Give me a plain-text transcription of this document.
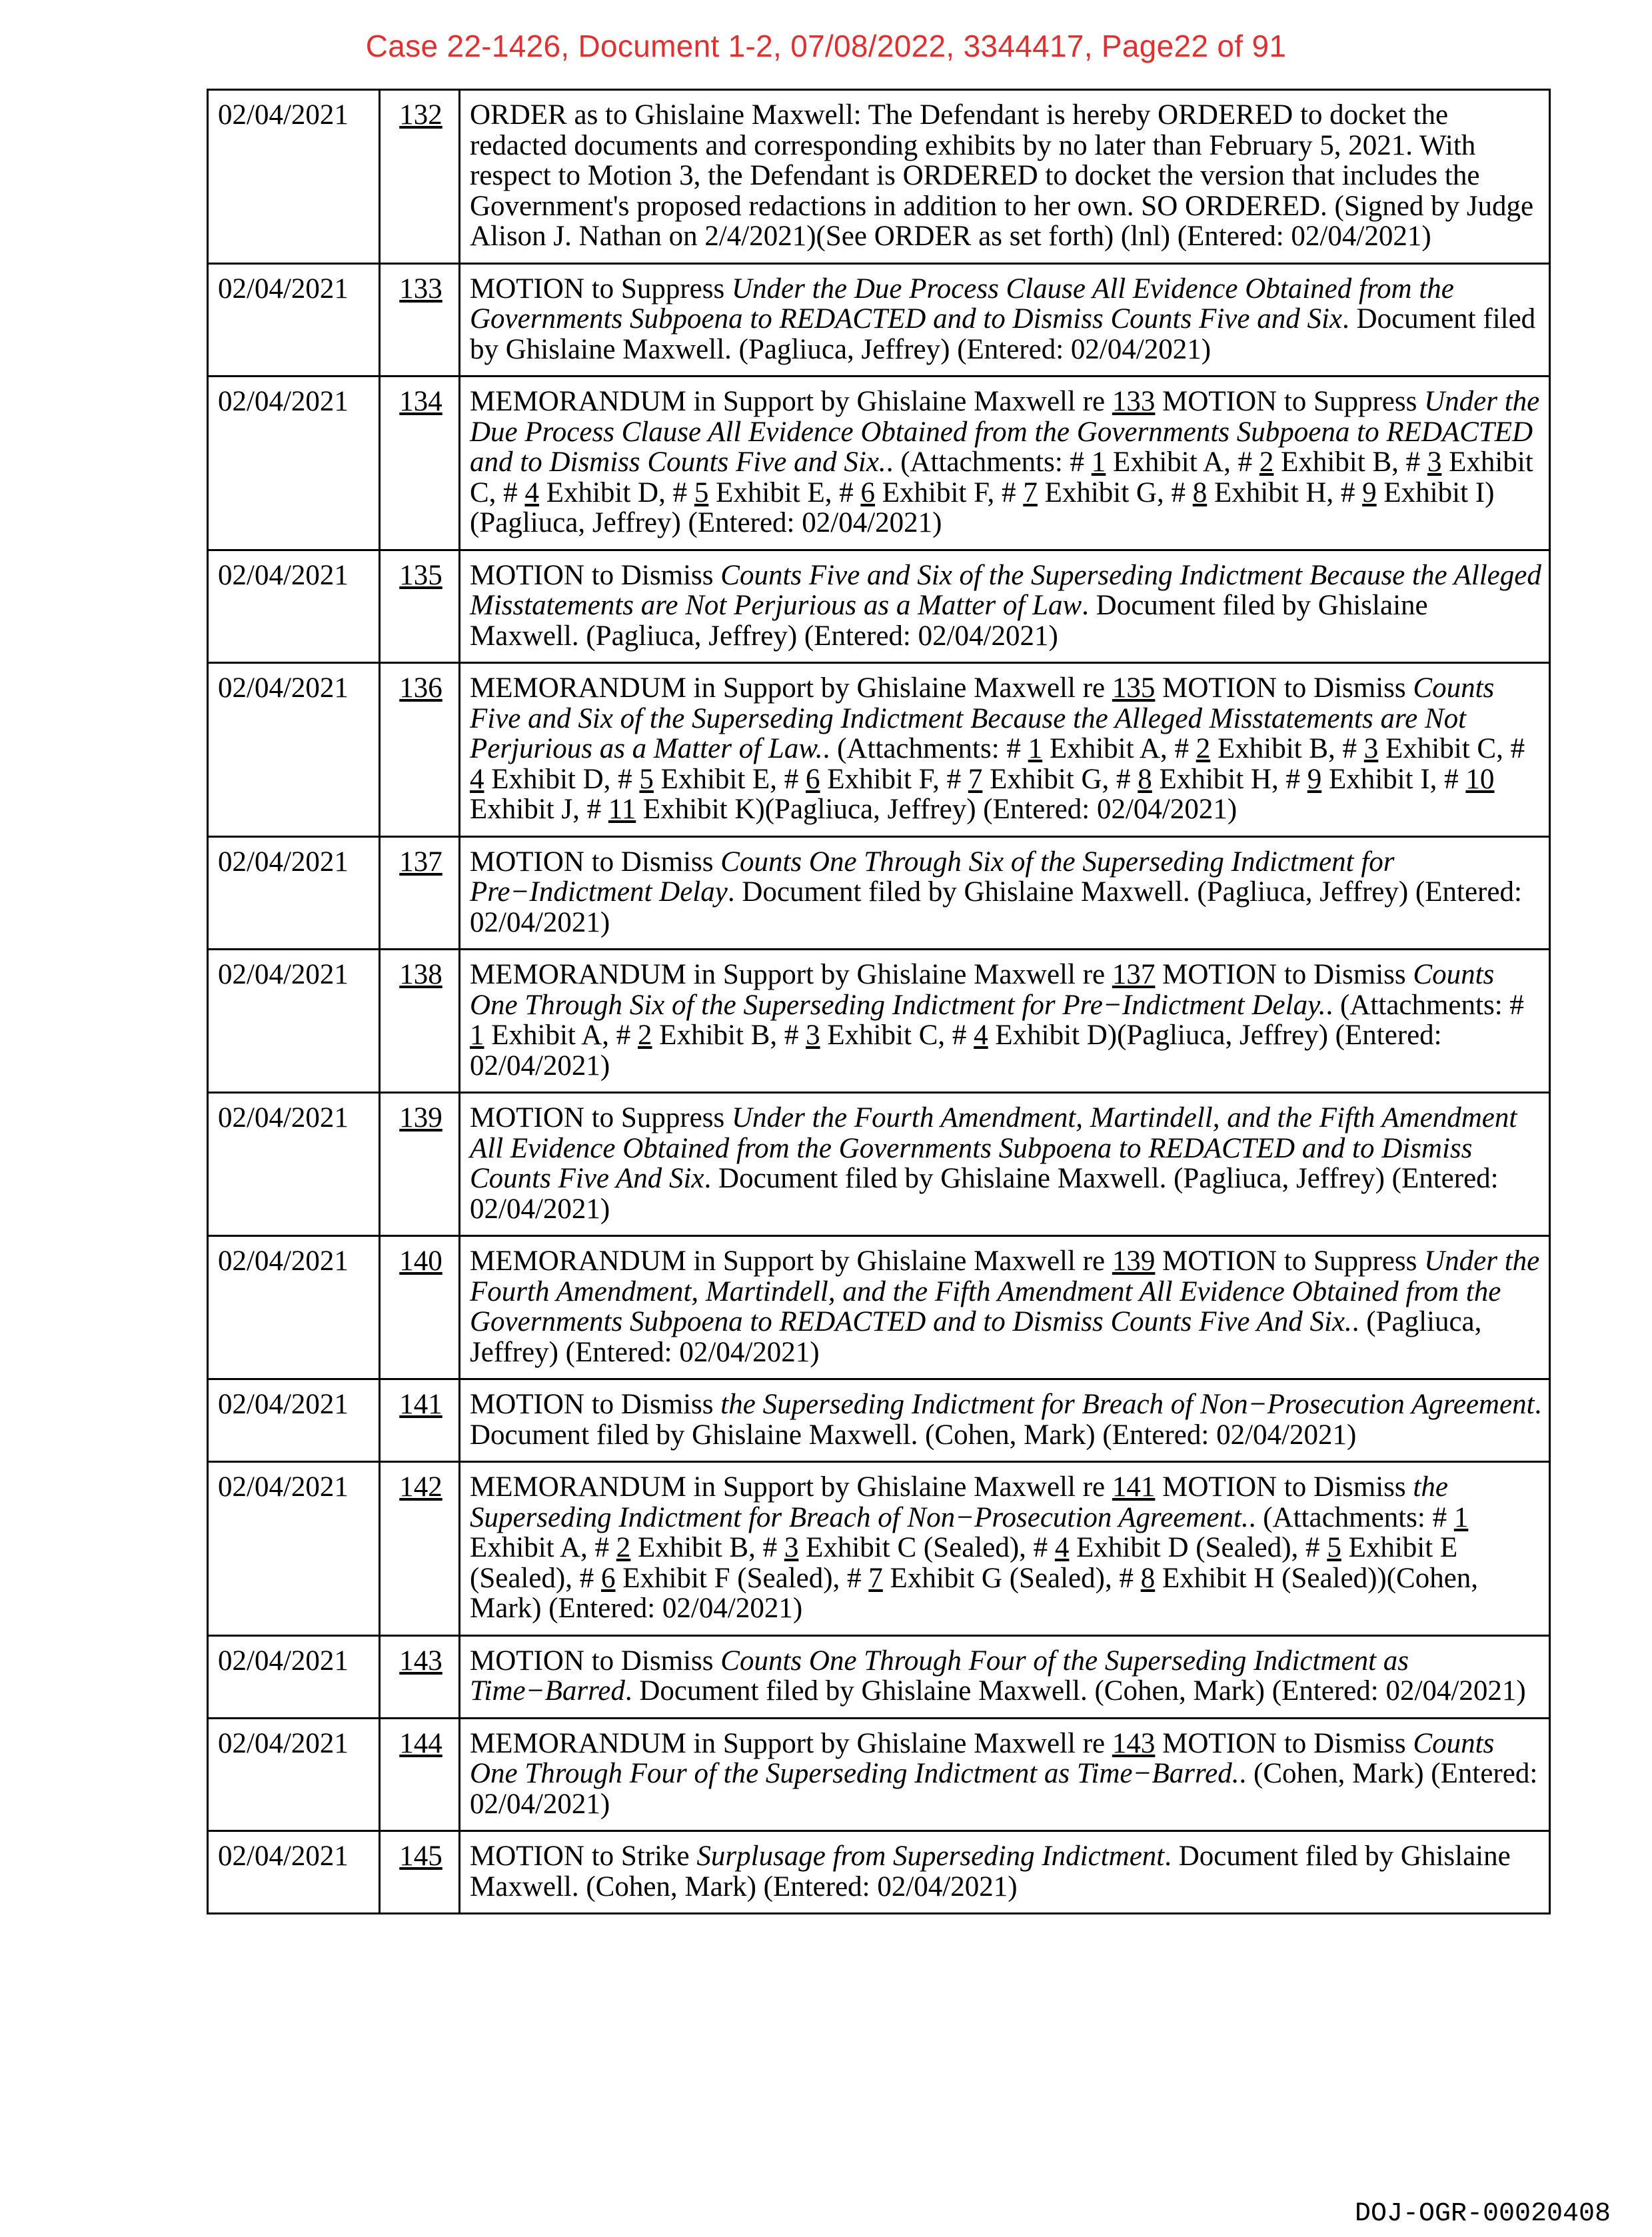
Case 22-1426, Document 1-2, 07/08/2022, 3344417, Page22 of 91
02/04/2021	132	ORDER as to Ghislaine Maxwell: The Defendant is hereby ORDERED to docket the redacted documents and corresponding exhibits by no later than February 5, 2021. With respect to Motion 3, the Defendant is ORDERED to docket the version that includes the Government's proposed redactions in addition to her own. SO ORDERED. (Signed by Judge Alison J. Nathan on 2/4/2021)(See ORDER as set forth) (lnl) (Entered: 02/04/2021)
02/04/2021	133	MOTION to Suppress Under the Due Process Clause All Evidence Obtained from the Governments Subpoena to REDACTED and to Dismiss Counts Five and Six. Document filed by Ghislaine Maxwell. (Pagliuca, Jeffrey) (Entered: 02/04/2021)
02/04/2021	134	MEMORANDUM in Support by Ghislaine Maxwell re 133 MOTION to Suppress Under the Due Process Clause All Evidence Obtained from the Governments Subpoena to REDACTED and to Dismiss Counts Five and Six.. (Attachments: # 1 Exhibit A, # 2 Exhibit B, # 3 Exhibit C, # 4 Exhibit D, # 5 Exhibit E, # 6 Exhibit F, # 7 Exhibit G, # 8 Exhibit H, # 9 Exhibit I)(Pagliuca, Jeffrey) (Entered: 02/04/2021)
02/04/2021	135	MOTION to Dismiss Counts Five and Six of the Superseding Indictment Because the Alleged Misstatements are Not Perjurious as a Matter of Law. Document filed by Ghislaine Maxwell. (Pagliuca, Jeffrey) (Entered: 02/04/2021)
02/04/2021	136	MEMORANDUM in Support by Ghislaine Maxwell re 135 MOTION to Dismiss Counts Five and Six of the Superseding Indictment Because the Alleged Misstatements are Not Perjurious as a Matter of Law.. (Attachments: # 1 Exhibit A, # 2 Exhibit B, # 3 Exhibit C, # 4 Exhibit D, # 5 Exhibit E, # 6 Exhibit F, # 7 Exhibit G, # 8 Exhibit H, # 9 Exhibit I, # 10 Exhibit J, # 11 Exhibit K)(Pagliuca, Jeffrey) (Entered: 02/04/2021)
02/04/2021	137	MOTION to Dismiss Counts One Through Six of the Superseding Indictment for Pre−Indictment Delay. Document filed by Ghislaine Maxwell. (Pagliuca, Jeffrey) (Entered: 02/04/2021)
02/04/2021	138	MEMORANDUM in Support by Ghislaine Maxwell re 137 MOTION to Dismiss Counts One Through Six of the Superseding Indictment for Pre−Indictment Delay.. (Attachments: # 1 Exhibit A, # 2 Exhibit B, # 3 Exhibit C, # 4 Exhibit D)(Pagliuca, Jeffrey) (Entered: 02/04/2021)
02/04/2021	139	MOTION to Suppress Under the Fourth Amendment, Martindell, and the Fifth Amendment All Evidence Obtained from the Governments Subpoena to REDACTED and to Dismiss Counts Five And Six. Document filed by Ghislaine Maxwell. (Pagliuca, Jeffrey) (Entered: 02/04/2021)
02/04/2021	140	MEMORANDUM in Support by Ghislaine Maxwell re 139 MOTION to Suppress Under the Fourth Amendment, Martindell, and the Fifth Amendment All Evidence Obtained from the Governments Subpoena to REDACTED and to Dismiss Counts Five And Six.. (Pagliuca, Jeffrey) (Entered: 02/04/2021)
02/04/2021	141	MOTION to Dismiss the Superseding Indictment for Breach of Non−Prosecution Agreement. Document filed by Ghislaine Maxwell. (Cohen, Mark) (Entered: 02/04/2021)
02/04/2021	142	MEMORANDUM in Support by Ghislaine Maxwell re 141 MOTION to Dismiss the Superseding Indictment for Breach of Non−Prosecution Agreement.. (Attachments: # 1 Exhibit A, # 2 Exhibit B, # 3 Exhibit C (Sealed), # 4 Exhibit D (Sealed), # 5 Exhibit E (Sealed), # 6 Exhibit F (Sealed), # 7 Exhibit G (Sealed), # 8 Exhibit H (Sealed))(Cohen, Mark) (Entered: 02/04/2021)
02/04/2021	143	MOTION to Dismiss Counts One Through Four of the Superseding Indictment as Time−Barred. Document filed by Ghislaine Maxwell. (Cohen, Mark) (Entered: 02/04/2021)
02/04/2021	144	MEMORANDUM in Support by Ghislaine Maxwell re 143 MOTION to Dismiss Counts One Through Four of the Superseding Indictment as Time−Barred.. (Cohen, Mark) (Entered: 02/04/2021)
02/04/2021	145	MOTION to Strike Surplusage from Superseding Indictment. Document filed by Ghislaine Maxwell. (Cohen, Mark) (Entered: 02/04/2021)
DOJ-OGR-00020408
